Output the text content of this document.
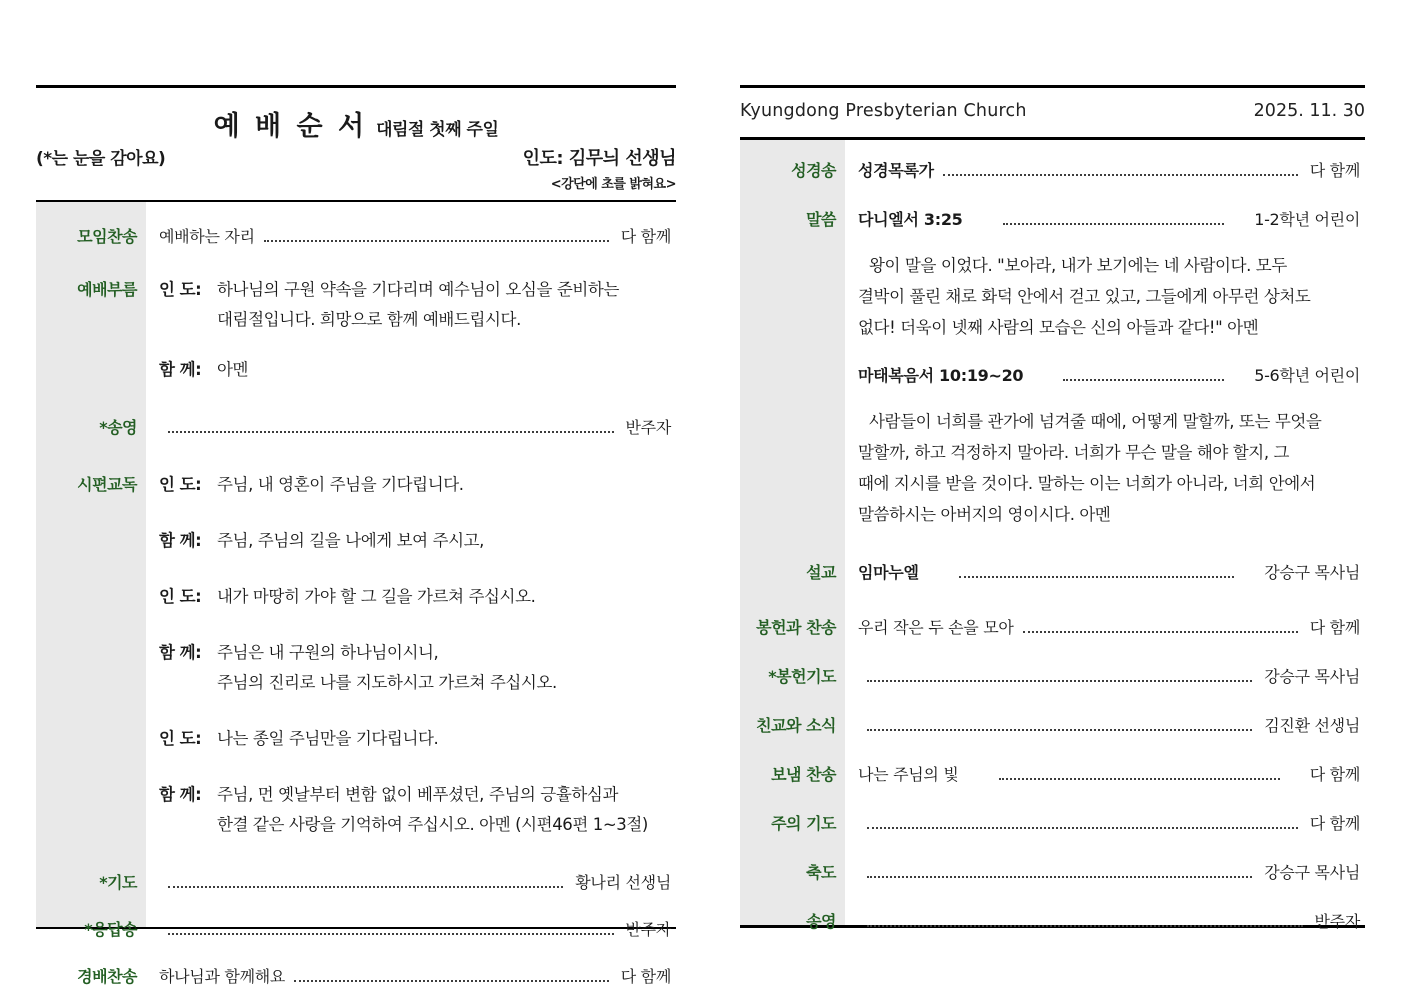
예 배 순 서 대림절 첫째 주일
(*는 눈을 감아요)	인도: 김무늬 선생님
<강단에 초를 밝혀요>
모임찬송	예배하는 자리	다 함께
예배부름	인 도: 하나님의 구원 약속을 기다리며 예수님이 오심을 준비하는
대림절입니다. 희망으로 함께 예배드립시다.
함 께: 아멘
*송영	반주자
시편교독	인 도: 주님, 내 영혼이 주님을 기다립니다.
함 께: 주님, 주님의 길을 나에게 보여 주시고,
인 도: 내가 마땅히 가야 할 그 길을 가르쳐 주십시오.
함 께: 주님은 내 구원의 하나님이시니,
주님의 진리로 나를 지도하시고 가르쳐 주십시오.
인 도: 나는 종일 주님만을 기다립니다.
함 께: 주님, 먼 옛날부터 변함 없이 베푸셨던, 주님의 긍휼하심과
한결 같은 사랑을 기억하여 주십시오. 아멘 (시편46편 1~3절)
*기도	황나리 선생님
*응답송	반주자
경배찬송	하나님과 함께해요	다 함께
Kyungdong Presbyterian Church	2025. 11. 30
성경송	성경목록가	다 함께
말씀	다니엘서 3:25	1-2학년 어린이
왕이 말을 이었다. "보아라, 내가 보기에는 네 사람이다. 모두
결박이 풀린 채로 화덕 안에서 걷고 있고, 그들에게 아무런 상처도
없다! 더욱이 넷째 사람의 모습은 신의 아들과 같다!" 아멘
마태복음서 10:19~20	5-6학년 어린이
사람들이 너희를 관가에 넘겨줄 때에, 어떻게 말할까, 또는 무엇을
말할까, 하고 걱정하지 말아라. 너희가 무슨 말을 해야 할지, 그
때에 지시를 받을 것이다. 말하는 이는 너희가 아니라, 너희 안에서
말씀하시는 아버지의 영이시다. 아멘
설교	임마누엘	강승구 목사님
봉헌과 찬송	우리 작은 두 손을 모아	다 함께
*봉헌기도	강승구 목사님
친교와 소식	김진환 선생님
보냄 찬송	나는 주님의 빛	다 함께
주의 기도	다 함께
축도	강승구 목사님
송영	반주자
